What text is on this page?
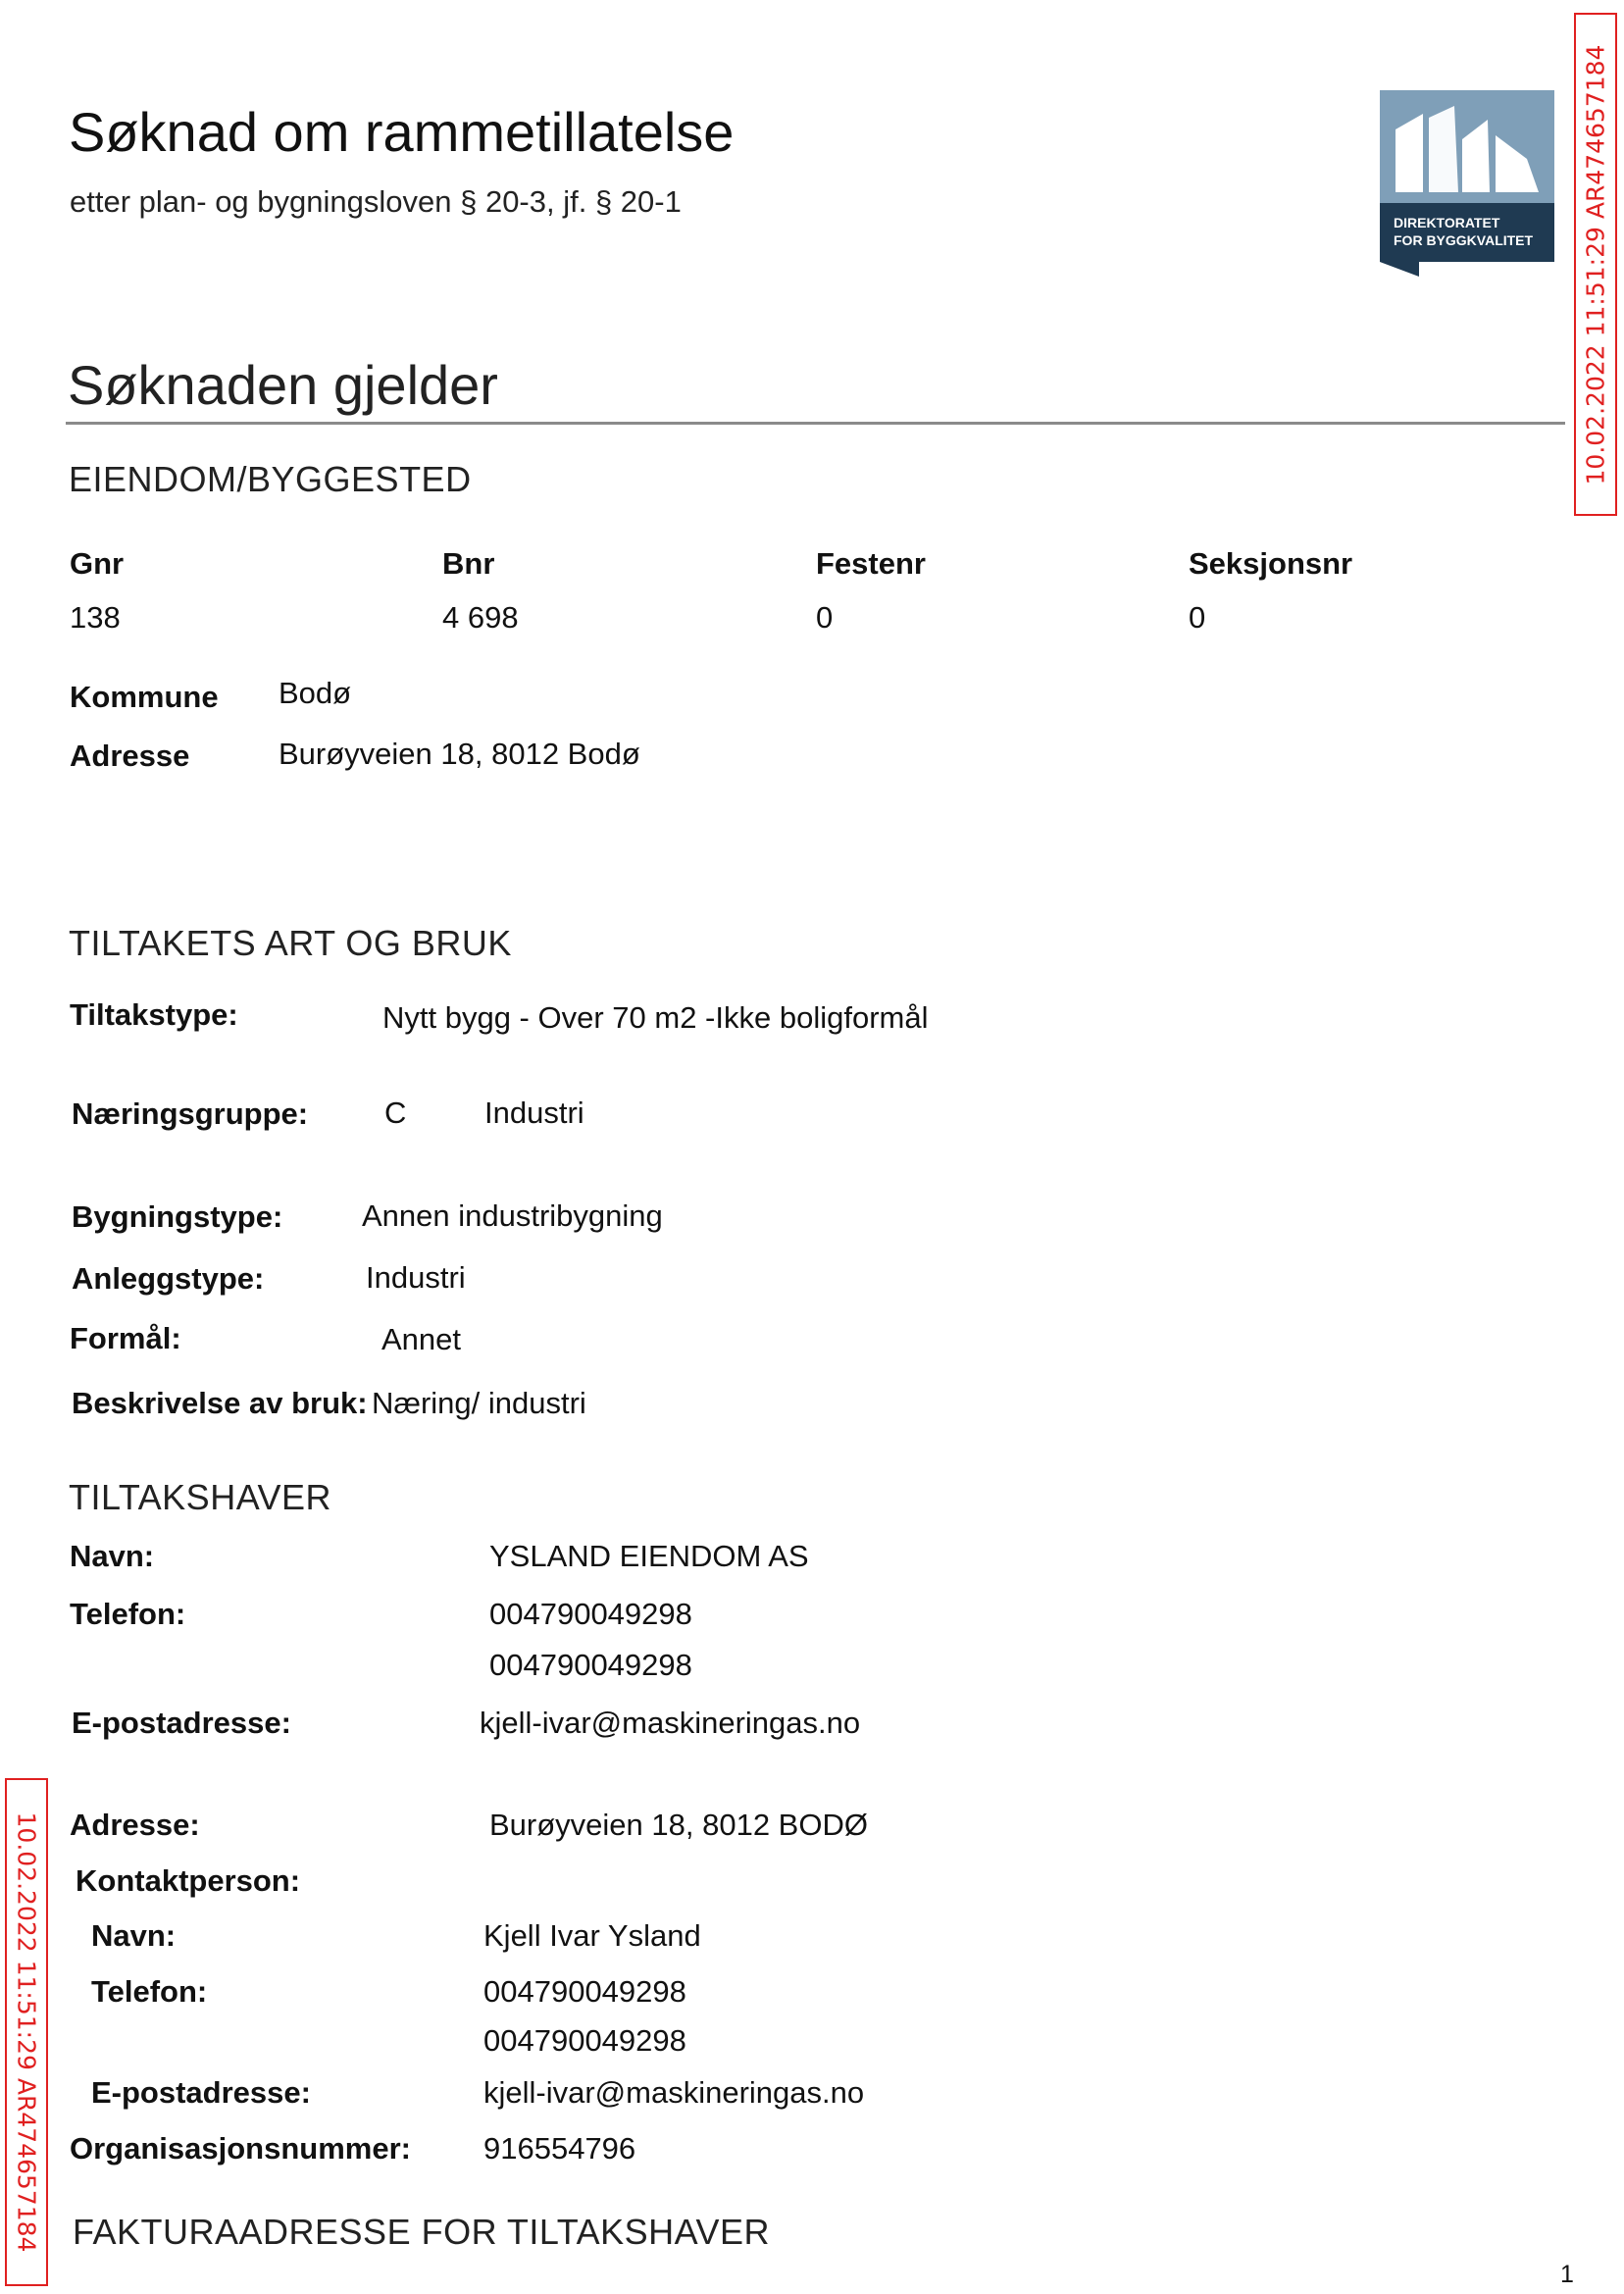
Søknad om rammetillatelse
etter plan- og bygningsloven § 20-3, jf. § 20-1
DIREKTORATET
FOR BYGGKVALITET 10.02.2022 11:51:29 AR474657184
10.02.2022 11:51:29 AR474657184
Søknaden gjelder
EIENDOM/BYGGESTED
Gnr	Bnr	Festenr	Seksjonsnr
138	4 698	0	0
Kommune Bodø
Adresse	Burøyveien 18, 8012 Bodø
TILTAKETS ART OG BRUK
Tiltakstype:	Nytt bygg - Over 70 m2 -Ikke boligformål
Næringsgruppe:	C	Industri
Bygningstype:	Annen industribygning
Anleggstype:	Industri
Formål:	Annet
Beskrivelse av bruk: Næring/ industri
TILTAKSHAVER
Navn:	YSLAND EIENDOM AS
Telefon:	004790049298
004790049298
E-postadresse:	kjell-ivar@maskineringas.no
Adresse:	Burøyveien 18, 8012 BODØ
Kontaktperson:
Navn:	Kjell Ivar Ysland
Telefon:	004790049298
004790049298
E-postadresse:	kjell-ivar@maskineringas.no
Organisasjonsnummer: 916554796
FAKTURAADRESSE FOR TILTAKSHAVER
1
